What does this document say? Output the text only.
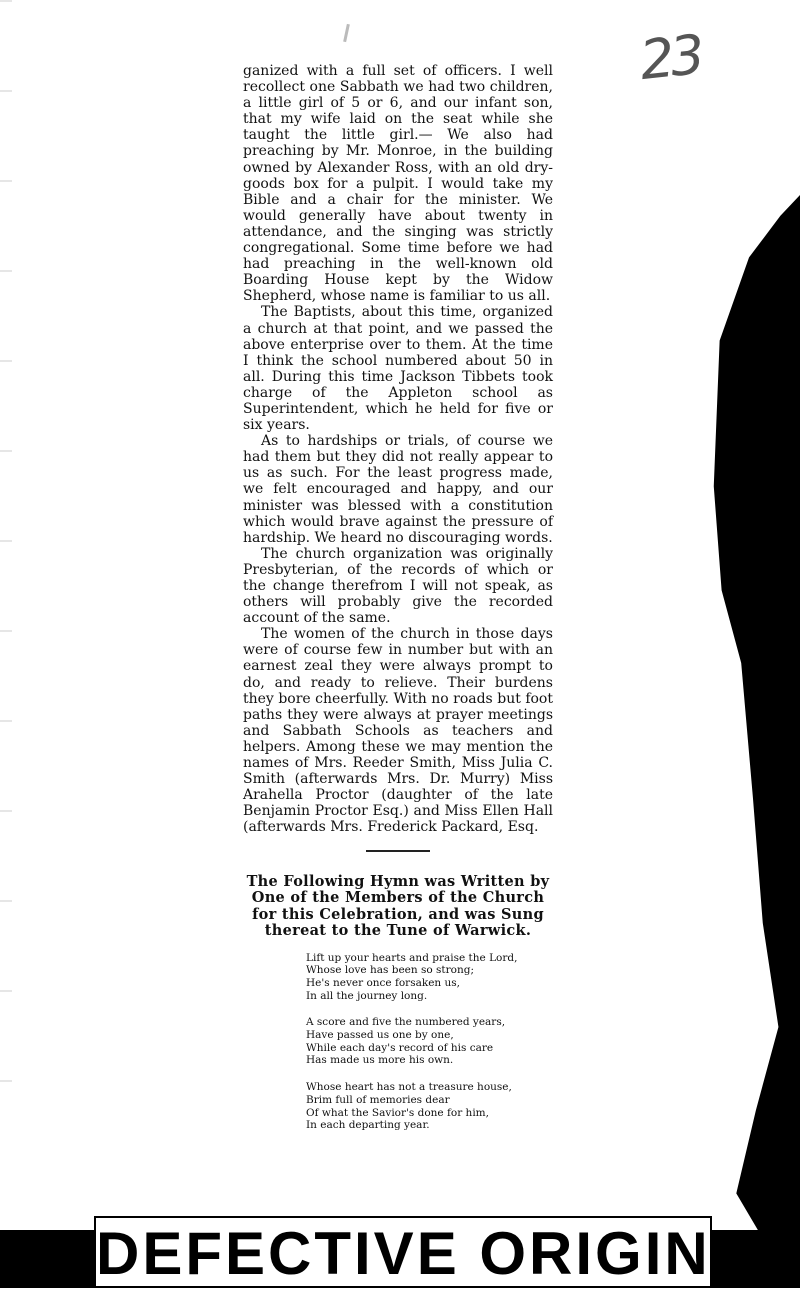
23

ganized with a full set of officers. I well recollect one Sabbath we had two children, a little girl of 5 or 6, and our infant son, that my wife laid on the seat while she taught the little girl.— We also had preaching by Mr. Monroe, in the building owned by Alexander Ross, with an old dry-goods box for a pulpit. I would take my Bible and a chair for the minister. We would generally have about twenty in attendance, and the singing was strictly congregational. Some time before we had had preaching in the well-known old Boarding House kept by the Widow Shepherd, whose name is familiar to us all.

The Baptists, about this time, organized a church at that point, and we passed the above enterprise over to them. At the time I think the school numbered about 50 in all. During this time Jackson Tibbets took charge of the Appleton school as Superintendent, which he held for five or six years.

As to hardships or trials, of course we had them but they did not really appear to us as such. For the least progress made, we felt encouraged and happy, and our minister was blessed with a constitution which would brave against the pressure of hardship. We heard no discouraging words.

The church organization was originally Presbyterian, of the records of which or the change therefrom I will not speak, as others will probably give the recorded account of the same.

The women of the church in those days were of course few in number but with an earnest zeal they were always prompt to do, and ready to relieve. Their burdens they bore cheerfully. With no roads but foot paths they were always at prayer meetings and Sabbath Schools as teachers and helpers. Among these we may mention the names of Mrs. Reeder Smith, Miss Julia C. Smith (afterwards Mrs. Dr. Murry) Miss Arahella Proctor (daughter of the late Benjamin Proctor Esq.) and Miss Ellen Hall (afterwards Mrs. Frederick Packard, Esq.

The Following Hymn was Written by One of the Members of the Church for this Celebration, and was Sung thereat to the Tune of Warwick.

Lift up your hearts and praise the Lord,

Whose love has been so strong;

He's never once forsaken us,

In all the journey long.

A score and five the numbered years,

Have passed us one by one,

While each day's record of his care

Has made us more his own.

Whose heart has not a treasure house,

Brim full of memories dear

Of what the Savior's done for him,

In each departing year.

DEFECTIVE ORIGINAL
